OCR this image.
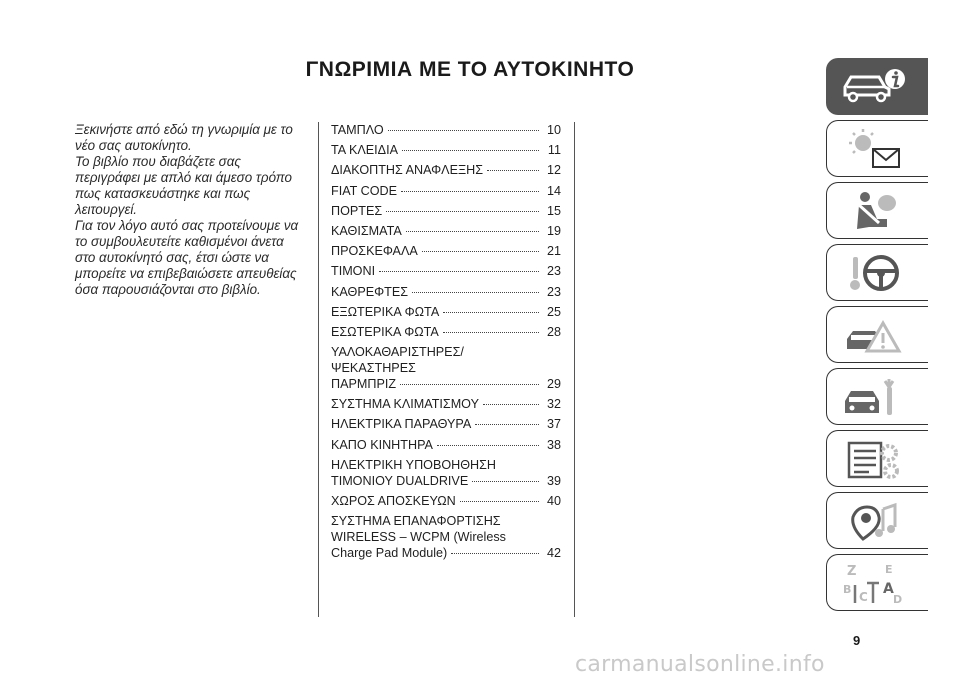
ΓΝΩΡΙΜΙΑ ΜΕ ΤΟ ΑΥΤΟΚΙΝΗΤΟ

Ξεκινήστε από εδώ τη γνωριμία με το νέο σας αυτοκίνητο.

Το βιβλίο που διαβάζετε σας περιγράφει με απλό και άμεσο τρόπο πως κατασκευάστηκε και πως λειτουργεί.

Για τον λόγο αυτό σας προτείνουμε να το συμβουλευτείτε καθισμένοι άνετα στο αυτοκίνητό σας, έτσι ώστε να μπορείτε να επιβεβαιώσετε απευθείας όσα παρουσιάζονται στο βιβλίο.

ΤΑΜΠΛΟ	10
ΤΑ ΚΛΕΙΔΙΑ	11
ΔΙΑΚΟΠΤΗΣ ΑΝΑΦΛΕΞΗΣ	12
FIAT CODE	14
ΠΟΡΤΕΣ	15
ΚΑΘΙΣΜΑΤΑ	19
ΠΡΟΣΚΕΦΑΛΑ	21
ΤΙΜΟΝΙ	23
ΚΑΘΡΕΦΤΕΣ	23
ΕΞΩΤΕΡΙΚΑ ΦΩΤΑ	25
ΕΣΩΤΕΡΙΚΑ ΦΩΤΑ	28
ΥΑΛΟΚΑΘΑΡΙΣΤΗΡΕΣ/
ΨΕΚΑΣΤΗΡΕΣ
ΠΑΡΜΠΡΙΖ	29
ΣΥΣΤΗΜΑ ΚΛΙΜΑΤΙΣΜΟΥ	32
ΗΛΕΚΤΡΙΚΑ ΠΑΡΑΘΥΡΑ	37
ΚΑΠΟ ΚΙΝΗΤΗΡΑ	38
ΗΛΕΚΤΡΙΚΗ ΥΠΟΒΟΗΘΗΣΗ
ΤΙΜΟΝΙΟΥ DUALDRIVE	39
ΧΩΡΟΣ ΑΠΟΣΚΕΥΩΝ	40
ΣΥΣΤΗΜΑ ΕΠΑΝΑΦΟΡΤΙΣΗΣ
WIRELESS – WCPM (Wireless
Charge Pad Module)	42
Z	E
B A
C D
9
carmanualsonline.info
